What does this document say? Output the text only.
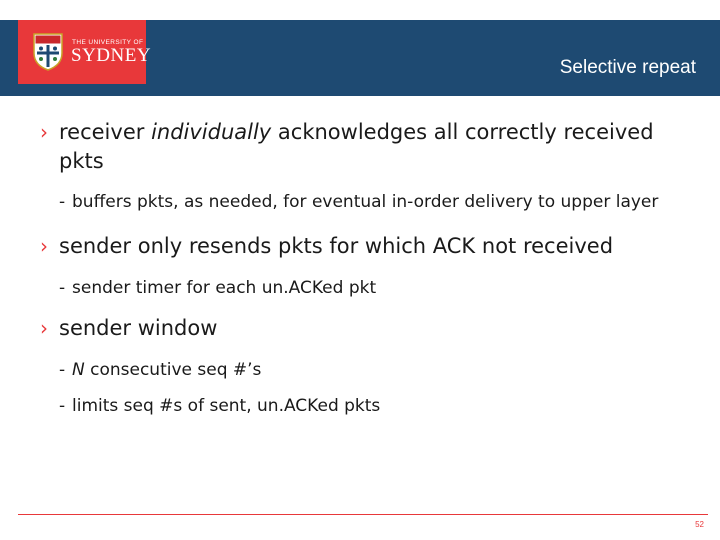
THE UNIVERSITY OF
SYDNEY
Selective repeat
› receiver individually acknowledges all correctly received pkts
- buffers pkts, as needed, for eventual in-order delivery to upper layer
› sender only resends pkts for which ACK not received
- sender timer for each un.ACKed pkt
› sender window
- N consecutive seq #’s
- limits seq #s of sent, un.ACKed pkts
52
